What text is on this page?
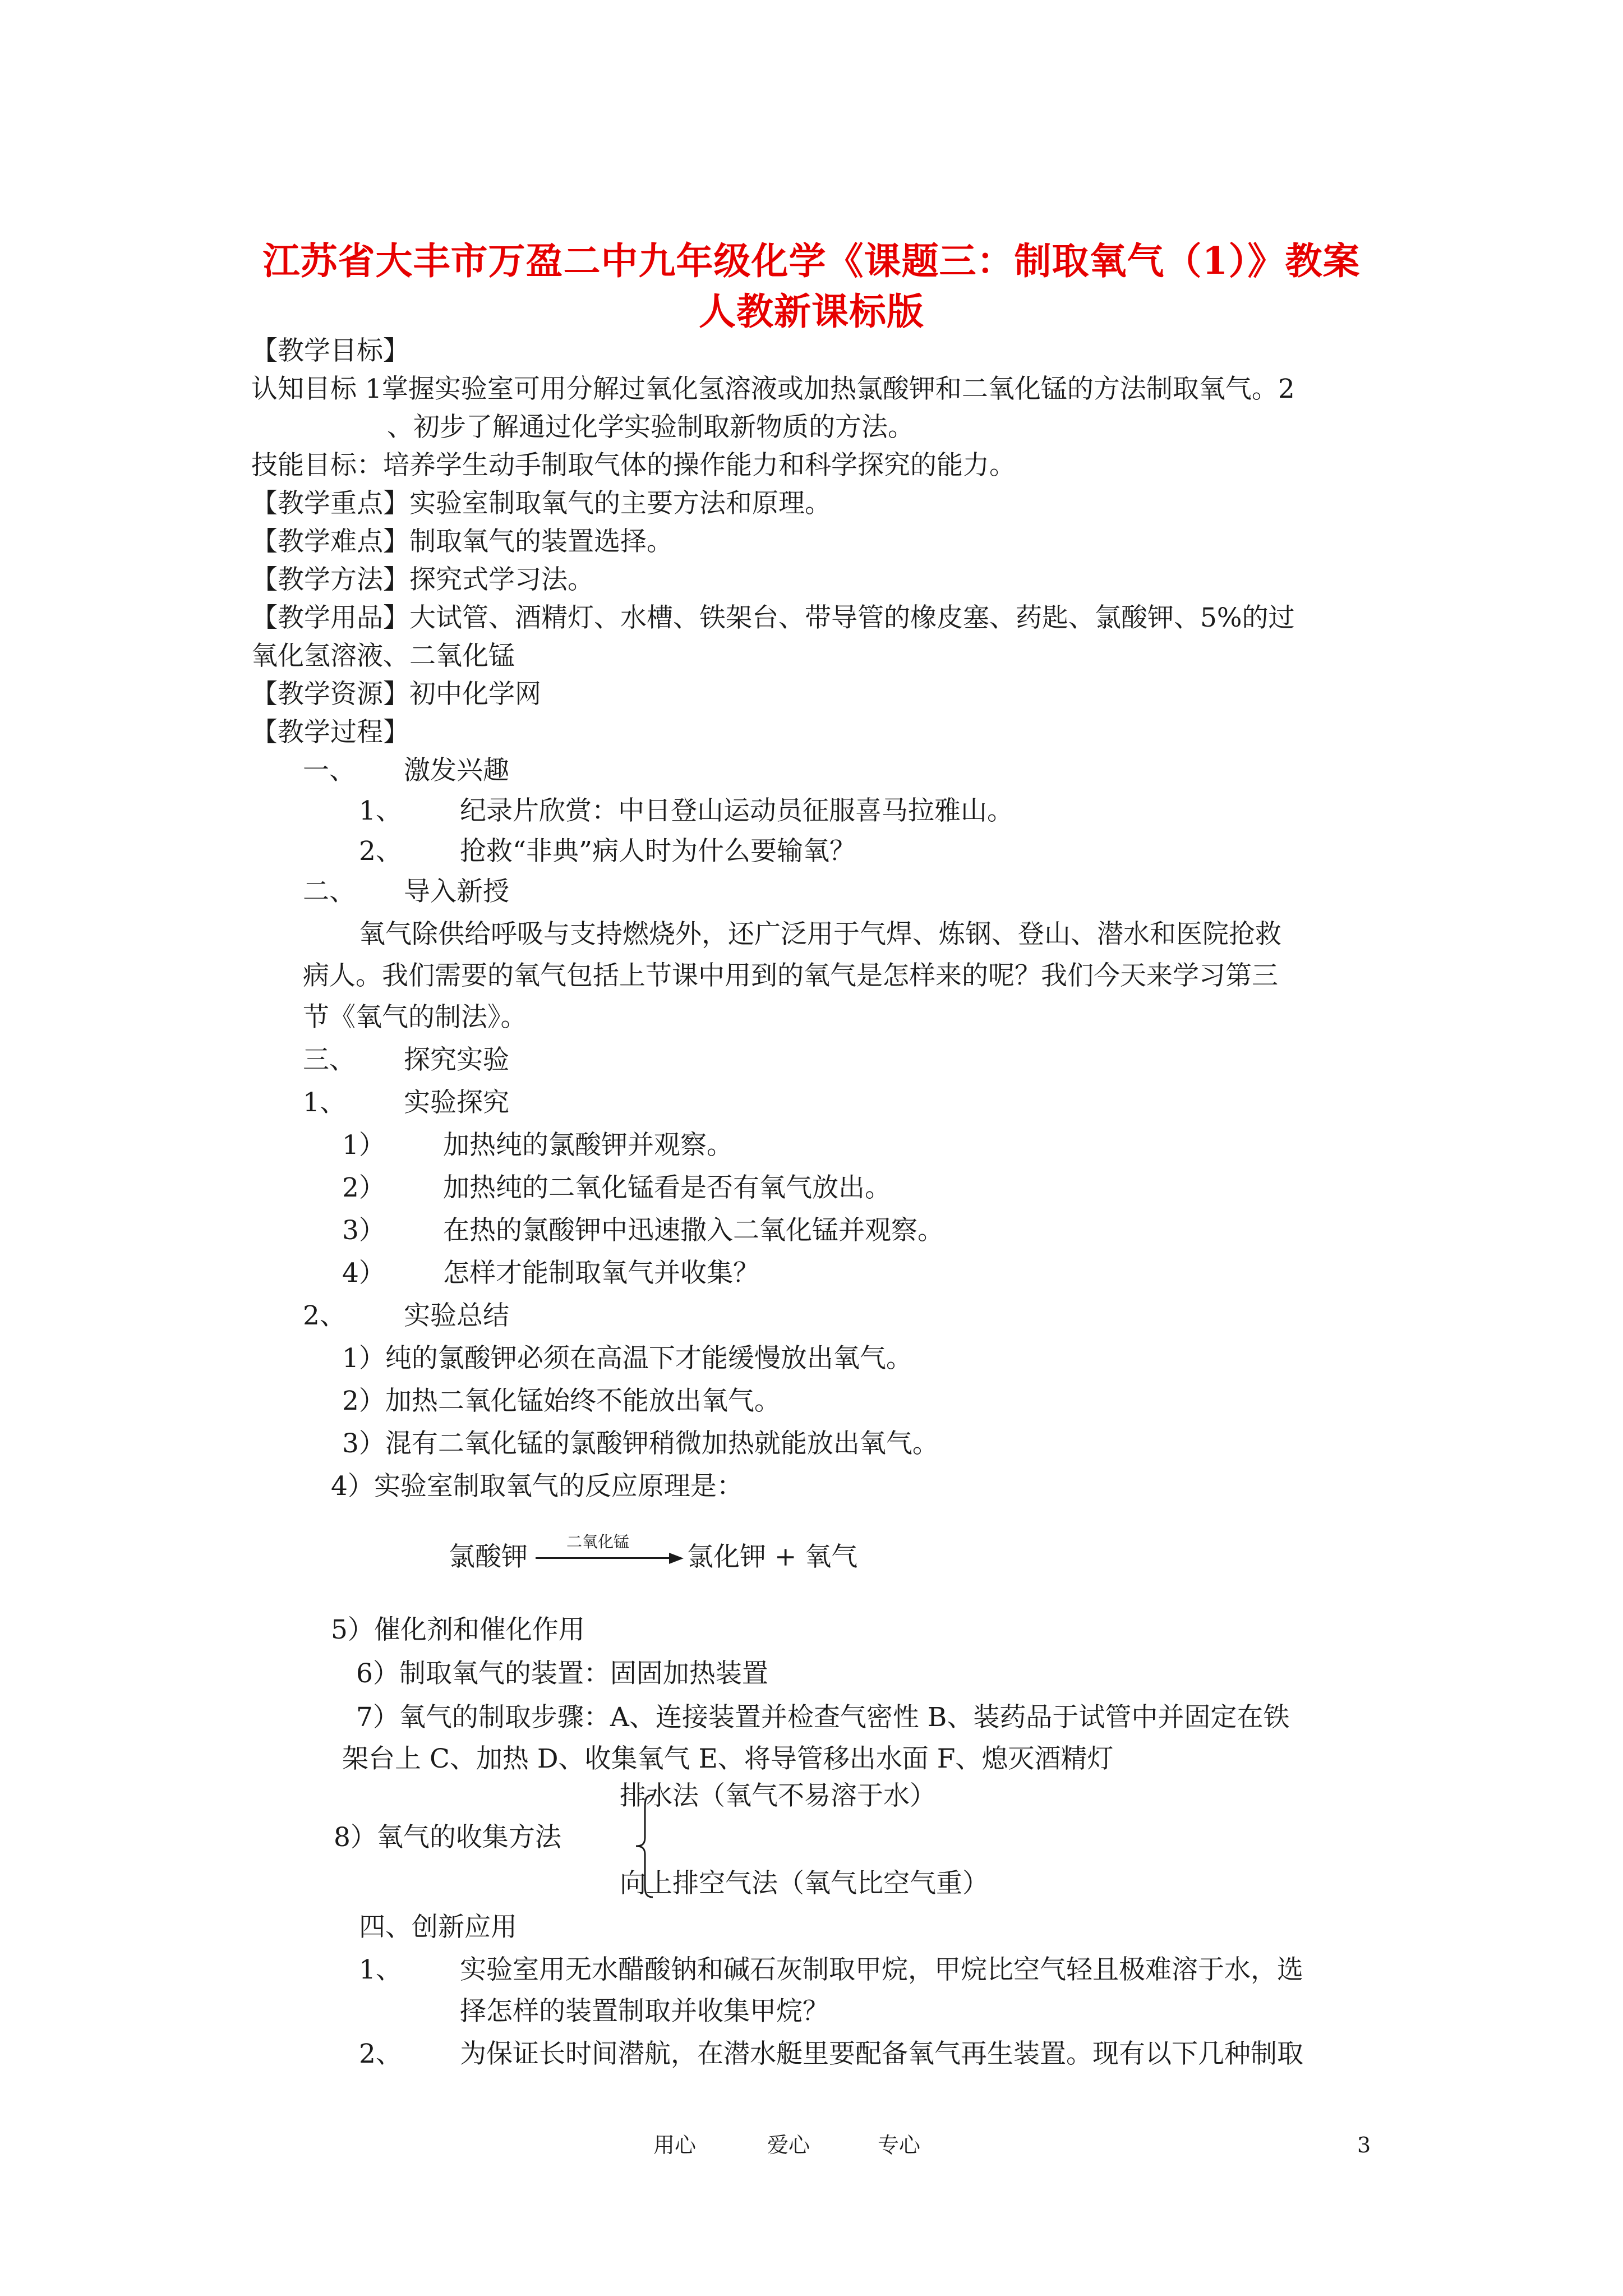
江苏省大丰市万盈二中九年级化学《课题三：制取氧气（1）》教案
人教新课标版
【教学目标】
认知目标 1掌握实验室可用分解过氧化氢溶液或加热氯酸钾和二氧化锰的方法制取氧气。2
、初步了解通过化学实验制取新物质的方法。
技能目标：培养学生动手制取气体的操作能力和科学探究的能力。
【教学重点】实验室制取氧气的主要方法和原理。
【教学难点】制取氧气的装置选择。
【教学方法】探究式学习法。
【教学用品】大试管、酒精灯、水槽、铁架台、带导管的橡皮塞、药匙、氯酸钾、5%的过
氧化氢溶液、二氧化锰
【教学资源】初中化学网
【教学过程】
一、 激发兴趣
1、 纪录片欣赏：中日登山运动员征服喜马拉雅山。
2、 抢救“非典”病人时为什么要输氧？
二、 导入新授
氧气除供给呼吸与支持燃烧外，还广泛用于气焊、炼钢、登山、潜水和医院抢救
病人。我们需要的氧气包括上节课中用到的氧气是怎样来的呢？我们今天来学习第三
节《氧气的制法》。
三、 探究实验
1、 实验探究
1） 加热纯的氯酸钾并观察。
2） 加热纯的二氧化锰看是否有氧气放出。
3） 在热的氯酸钾中迅速撒入二氧化锰并观察。
4） 怎样才能制取氧气并收集？
2、 实验总结
1）纯的氯酸钾必须在高温下才能缓慢放出氧气。
2）加热二氧化锰始终不能放出氧气。
3）混有二氧化锰的氯酸钾稍微加热就能放出氧气。
4）实验室制取氧气的反应原理是：
氯酸钾 二氧化锰 氯化钾 + 氧气
5）催化剂和催化作用
6）制取氧气的装置：固固加热装置
7）氧气的制取步骤：A、连接装置并检查气密性 B、装药品于试管中并固定在铁
架台上 C、加热 D、收集氧气 E、将导管移出水面 F、熄灭酒精灯
排水法（氧气不易溶于水）
8）氧气的收集方法
向上排空气法（氧气比空气重）
四、创新应用
1、 实验室用无水醋酸钠和碱石灰制取甲烷，甲烷比空气轻且极难溶于水，选
择怎样的装置制取并收集甲烷？
2、 为保证长时间潜航，在潜水艇里要配备氧气再生装置。现有以下几种制取
用心	爱心	专心	3
